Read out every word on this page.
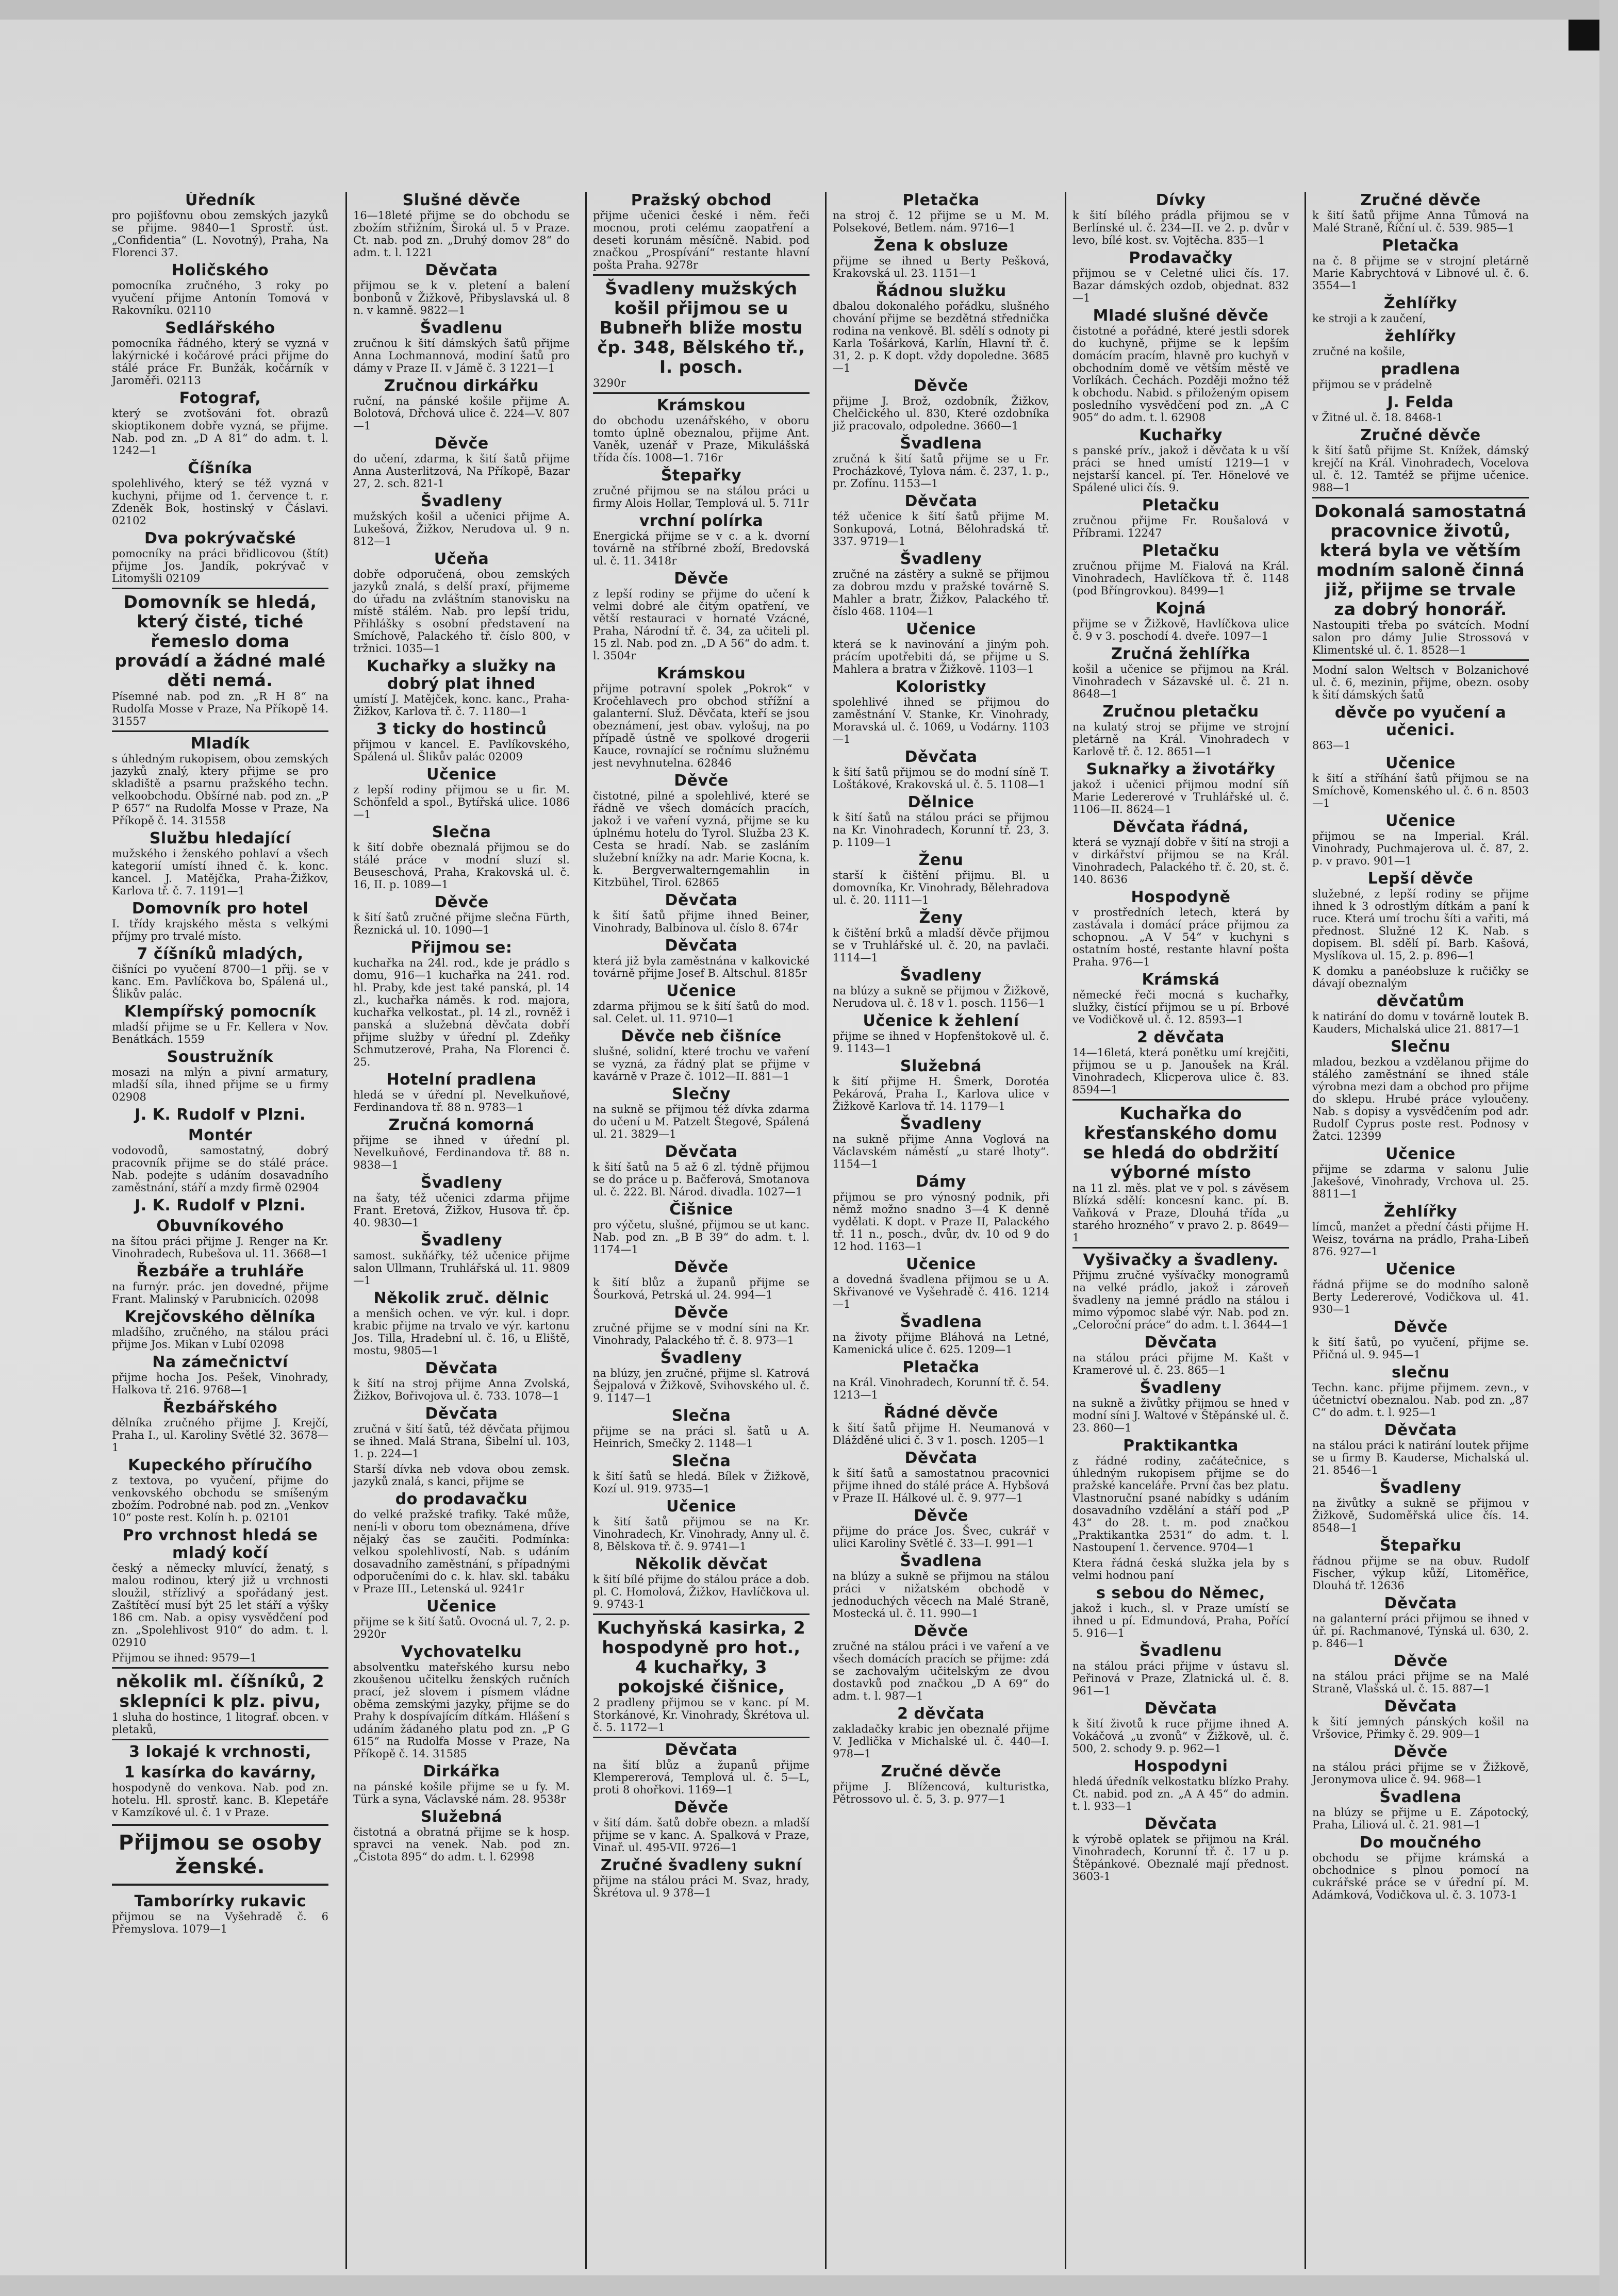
Úředník
pro pojišťovnu obou zemských jazyků se přijme. 9840—1 Sprostř. úst. „Confidentia“ (L. Novotný), Praha, Na Florenci 37.
Holičského
pomocníka zručného, 3 roky po vyučení přijme Antonín Tomová v Rakovníku. 02110
Sedlářského
pomocníka řádného, který se vyzná v lakýrnické i kočárové práci přijme do stálé práce Fr. Bunžák, kočárník v Jaroměři. 02113
Fotograf,
který se zvotšováni fot. obrazů skioptikonem dobře vyzná, se přijme. Nab. pod zn. „D A 81“ do adm. t. l. 1242—1
Číšníka
spolehlivého, který se též vyzná v kuchyni, přijme od 1. července t. r. Zdeněk Bok, hostinský v Čáslavi. 02102
Dva pokrývačské
pomocníky na práci břidlicovou (štít) přijme Jos. Jandík, pokrývač v Litomyšli 02109
Domovník se hledá, který čisté, tiché řemeslo doma provádí a žádné malé děti nemá.
Písemné nab. pod zn. „R H 8“ na Rudolfa Mosse v Praze, Na Příkopě 14. 31557
Mladík
s úhledným rukopisem, obou zemských jazyků znalý, ktery přijme se pro skladiště a psarnu pražského techn. velkoobchodu. Obšírné nab. pod zn. „P P 657“ na Rudolfa Mosse v Praze, Na Příkopě č. 14. 31558
Službu hledající
mužského i ženského pohlaví a všech kategorií umístí ihned č. k. konc. kancel. J. Matějčka, Praha-Žižkov, Karlova tř. č. 7. 1191—1
Domovník pro hotel
I. třídy krajského města s velkými příjmy pro trvalé místo.
7 číšníků mladých,
čišníci po vyučení 8700—1 přij. se v kanc. Em. Pavlíčkova bo, Spálená ul., Šlikův palác.
Klempířský pomocník
mladší přijme se u Fr. Kellera v Nov. Benátkách. 1559
Soustružník
mosazi na mlýn a pivní armatury, mladší síla, ihned přijme se u firmy 02908
J. K. Rudolf v Plzni.
Montér
vodovodů, samostatný, dobrý pracovník přijme se do stálé práce. Nab. podejte s udáním dosavadního zaměstnání, stáří a mzdy firmě 02904
J. K. Rudolf v Plzni.
Obuvníkového
na šítou práci přijme J. Renger na Kr. Vinohradech, Rubešova ul. 11. 3668—1
Řezbáře a truhláře
na furnýr. prác. jen dovedné, přijme Frant. Malinský v Parubnicích. 02098
Krejčovského dělníka
mladšího, zručného, na stálou práci přijme Jos. Mikan v Lubí 02098
Na zámečnictví
přijme hocha Jos. Pešek, Vinohrady, Halkova tř. 216. 9768—1
Řezbářského
dělníka zručného přijme J. Krejčí, Praha I., ul. Karoliny Světlé 32. 3678—1
Kupeckého příručího
z textova, po vyučení, přijme do venkovského obchodu se smíšeným zbožím. Podrobné nab. pod zn. „Venkov 10“ poste rest. Kolín h. p. 02101
Pro vrchnost hledá se mladý kočí
český a německy mluvící, ženatý, s malou rodinou, který již u vrchnosti sloužil, střízlivý a spořádaný jest. Zaštítěcí musí být 25 let stáří a výšky 186 cm. Nab. a opisy vysvědčení pod zn. „Spolehlivost 910“ do adm. t. l. 02910
Přijmou se ihned: 9579—1
několik ml. číšníků, 2 sklepníci k plz. pivu,
1 sluha do hostince, 1 litograf. obcen. v pletaků,
3 lokajé k vrchnosti,
1 kasírka do kavárny,
hospodyně do venkova. Nab. pod zn. hotelu. Hl. sprostř. kanc. B. Klepetáře v Kamzíkové ul. č. 1 v Praze.
Přijmou se osoby ženské.
Tamborírky rukavic
přijmou se na Vyšehradě č. 6 Přemyslova. 1079—1
Slušné děvče
16—18leté přijme se do obchodu se zbožím střižním, Široká ul. 5 v Praze. Ct. nab. pod zn. „Druhý domov 28“ do adm. t. l. 1221
Děvčata
přijmou se k v. pletení a balení bonbonů v Žižkově, Přibyslavská ul. 8 n. v kamně. 9822—1
Švadlenu
zručnou k šití dámských šatů přijme Anna Lochmannová, modiní šatů pro dámy v Praze II. v Jámě č. 3 1221—1
Zručnou dirkářku
ruční, na pánské košile přijme A. Bolotová, Dřchová ulice č. 224—V. 807—1
Děvče
do učení, zdarma, k šití šatů přijme Anna Austerlitzová, Na Příkopě, Bazar 27, 2. sch. 821-1
Švadleny
mužských košil a učenici přijme A. Lukešová, Žižkov, Nerudova ul. 9 n. 812—1
Učeňa
dobře odporučená, obou zemských jazyků znalá, s delší praxí, přijmeme do úřadu na zvláštním stanovisku na místě stálém. Nab. pro lepší tridu, Přihlášky s osobní představení na Smíchově, Palackého tř. číslo 800, v tržnici. 1035—1
Kuchařky a služky na dobrý plat ihned
umístí J. Matějček, konc. kanc., Praha-Žižkov, Karlova tř. č. 7. 1180—1
3 ticky do hostinců
přijmou v kancel. E. Pavlíkovského, Spálená ul. Šlikův palác 02009
Učenice
z lepší rodiny přijmou se u fir. M. Schönfeld a spol., Bytířská ulice. 1086—1
Slečna
k šití dobře obeznalá přijmou se do stálé práce v modní sluzí sl. Beuseschová, Praha, Krakovská ul. č. 16, II. p. 1089—1
Děvče
k šití šatů zručné přijme slečna Fürth, Řeznická ul. 10. 1090—1
Přijmou se:
kuchařka na 24l. rod., kde je prádlo s domu, 916—1 kuchařka na 241. rod. hl. Praby, kde jest také panská, pl. 14 zl., kuchařka náměs. k rod. majora, kuchařka velkostat., pl. 14 zl., rovněž i panská a služebná děvčata dobří přijme služby v úřední pl. Zdeňky Schmutzerové, Praha, Na Florenci č. 25.
Hotelní pradlena
hledá se v úřední pl. Nevelkuňové, Ferdinandova tř. 88 n. 9783—1
Zručná komorná
přijme se ihned v úřední pl. Nevelkuňové, Ferdinandova tř. 88 n. 9838—1
Švadleny
na šaty, též učenici zdarma přijme Frant. Eretová, Žižkov, Husova tř. čp. 40. 9830—1
Švadleny
samost. sukňářky, též učenice přijme salon Ullmann, Truhlářská ul. 11. 9809—1
Několik zruč. dělnic
a menšich ochen. ve výr. kul. i dopr. krabic přijme na trvalo ve výr. kartonu Jos. Tilla, Hradební ul. č. 16, u Eliště, mostu, 9805—1
Děvčata
k šití na stroj přijme Anna Zvolská, Žižkov, Bořivojova ul. č. 733. 1078—1
Děvčata
zručná v šití šatů, též děvčata přijmou se ihned. Malá Strana, Šibelní ul. 103, 1. p. 224—1
Starší dívka neb vdova obou zemsk. jazyků znalá, s kanci, přijme se
do prodavačku
do velké pražské trafiky. Také může, není-li v oboru tom obeznámena, dříve nějaký čas se zaučiti. Podmínka: velkou spolehlivostí, Nab. s udáním dosavadního zaměstnání, s případnými odporučeními do c. k. hlav. skl. tabáku v Praze III., Letenská ul. 9241r
Učenice
přijme se k šití šatů. Ovocná ul. 7, 2. p. 2920r
Vychovatelku
absolventku mateřského kursu nebo zkoušenou učitelku ženských ručních prací, jež slovem i písmem vládne oběma zemskými jazyky, přijme se do Prahy k dospívajícím dítkám. Hlášení s udáním žádaného platu pod zn. „P G 615“ na Rudolfa Mosse v Praze, Na Příkopě č. 14. 31585
Dirkářka
na pánské košile přijme se u fy. M. Türk a syna, Václavské nám. 28. 9538r
Služebná
čistotná a obratná přijme se k hosp. spravci na venek. Nab. pod zn. „Čistota 895“ do adm. t. l. 62998
Pražský obchod
přijme učenici české i něm. řeči mocnou, proti celému zaopatření a deseti korunám měsíčně. Nabid. pod značkou „Prospívání“ restante hlavní pošta Praha. 9278r
Švadleny mužských košil přijmou se u Bubneřh bliže mostu čp. 348, Bělského tř., I. posch.
3290r
Krámskou
do obchodu uzenářského, v oboru tomto úplně obeznalou, přijme Ant. Vaněk, uzenář v Praze, Mikulášská třída čís. 1008—1. 716r
Štepařky
zručné přijmou se na stálou práci u firmy Alois Hollar, Templová ul. 5. 711r
vrchní polírka
Energická přijme se v c. a k. dvorní továrně na stříbrné zboží, Bredovská ul. č. 11. 3418r
Děvče
z lepší rodiny se přijme do učení k velmi dobré ale čitým opatření, ve větší restauraci v hornaté Vzácné, Praha, Národní tř. č. 34, za učiteli pl. 15 zl. Nab. pod zn. „D A 56“ do adm. t. l. 3504r
Krámskou
přijme potravní spolek „Pokrok“ v Kročehlavech pro obchod střížní a galanterní. Služ. Děvčata, kteří se jsou obeznámení, jest obav. vylošuj, na po případě ústně ve spolkové drogerii Kauce, rovnající se ročnímu služnému jest nevyhnutelna. 62846
Děvče
čistotné, pilné a spolehlivé, které se řádně ve všech domácích pracích, jakož i ve vaření vyzná, přijme se ku úplnému hotelu do Tyrol. Služba 23 K. Cesta se hradí. Nab. se zasláním služební knížky na adr. Marie Kocna, k. k. Bergverwalterngemahlin in Kitzbühel, Tirol. 62865
Děvčata
k šití šatů přijme ihned Beiner, Vinohrady, Balbínova ul. číslo 8. 674r
Děvčata
která již byla zaměstnána v kalkovické továrně přijme Josef B. Altschul. 8185r
Učenice
zdarma přijmou se k šití šatů do mod. sal. Celet. ul. 11. 9710—1
Děvče neb čišníce
slušné, solidní, které trochu ve vaření se vyzná, za řádný plat se přijme v kavárně v Praze č. 1012—II. 881—1
Slečny
na sukně se přijmou též dívka zdarma do učení u M. Patzelt Štegové, Spálená ul. 21. 3829—1
Děvčata
k šití šatů na 5 až 6 zl. týdně přijmou se do práce u p. Bačferová, Smotanova ul. č. 222. Bl. Národ. divadla. 1027—1
Čišnice
pro výčetu, slušné, přijmou se ut kanc. Nab. pod zn. „B B 39“ do adm. t. l. 1174—1
Děvče
k šití blůz a županů přijme se Šourková, Petrská ul. 24. 994—1
Děvče
zručné přijme se v modní síni na Kr. Vinohrady, Palackého tř. č. 8. 973—1
Švadleny
na blúzy, jen zručné, přijme sl. Katrová Šejpalová v Žižkově, Svihovského ul. č. 9. 1147—1
Slečna
přijme se na práci sl. šatů u A. Heinrich, Smečky 2. 1148—1
Slečna
k šití šatů se hledá. Bílek v Žižkově, Kozí ul. 919. 9735—1
Učenice
k šití šatů přijmou se na Kr. Vinohradech, Kr. Vinohrady, Anny ul. č. 8, Bělskova tř. č. 9. 9741—1
Několik děvčat
k šití bílé přijme do stálou práce a dob. pl. C. Homolová, Žižkov, Havlíčkova ul. 9. 9743-1
Kuchyňská kasirka, 2 hospodyně pro hot., 4 kuchařky, 3 pokojské čišnice,
2 pradleny přijmou se v kanc. pí M. Storkánové, Kr. Vinohrady, Škrétova ul. č. 5. 1172—1
Děvčata
na šití blůz a županů přijme Klempererová, Templová ul. č. 5—L, proti 8 ohořkovi. 1169—1
Děvče
v šití dám. šatů dobře obezn. a mladší přijme se v kanc. A. Spalková v Praze, Vinař. ul. 495-VII. 9726—1
Zručné švadleny sukní
přijme na stálou práci M. Svaz, hrady, Škrétova ul. 9 378—1
Pletačka
na stroj č. 12 přijme se u M. M. Polsekové, Betlem. nám. 9716—1
Žena k obsluze
přijme se ihned u Berty Pešková, Krakovská ul. 23. 1151—1
Řádnou služku
dbalou dokonalého pořádku, slušného chování přijme se bezdětná střednička rodina na venkově. Bl. sdělí s odnoty pi Karla Tošárková, Karlín, Hlavní tř. č. 31, 2. p. K dopt. vždy dopoledne. 3685—1
Děvče
přijme J. Brož, ozdobník, Žižkov, Chelčického ul. 830, Které ozdobníka již pracovalo, odpoledne. 3660—1
Švadlena
zručná k šití šatů přijme se u Fr. Procházkové, Tylova nám. č. 237, 1. p., pr. Zofínu. 1153—1
Děvčata
též učenice k šití šatů přijme M. Sonkupová, Lotná, Bělohradská tř. 337. 9719—1
Švadleny
zručné na zástěry a sukně se přijmou za dobrou mzdu v pražské továrně S. Mahler a bratr, Žižkov, Palackého tř. číslo 468. 1104—1
Učenice
která se k navinování a jiným poh. prácím upotřebiti dá, se přijme u S. Mahlera a bratra v Žižkově. 1103—1
Koloristky
spolehlivé ihned se přijmou do zaměstnání V. Stanke, Kr. Vinohrady, Moravská ul. č. 1069, u Vodárny. 1103—1
Děvčata
k šití šatů přijmou se do modní síně T. Loštákové, Krakovská ul. č. 5. 1108—1
Dělnice
k šití šatů na stálou práci se přijmou na Kr. Vinohradech, Korunní tř. 23, 3. p. 1109—1
Ženu
starší k čištění přijmu. Bl. u domovníka, Kr. Vinohrady, Bělehradova ul. č. 20. 1111—1
Ženy
k čištění brků a mladší děvče přijmou se v Truhlářské ul. č. 20, na pavlači. 1114—1
Švadleny
na blúzy a sukně se přijmou v Žižkově, Nerudova ul. č. 18 v 1. posch. 1156—1
Učenice k žehlení
přijme se ihned v Hopfenštokově ul. č. 9. 1143—1
Služebná
k šití přijme H. Šmerk, Dorotéa Pekárová, Praha I., Karlova ulice v Žižkově Karlova tř. 14. 1179—1
Švadleny
na sukně přijme Anna Voglová na Václavském náměstí „u staré lhoty“. 1154—1
Dámy
přijmou se pro výnosný podnik, při němž možno snadno 3—4 K denně vydělati. K dopt. v Praze II, Palackého tř. 11 n., posch., dvůr, dv. 10 od 9 do 12 hod. 1163—1
Učenice
a dovedná švadlena přijmou se u A. Skřivanové ve Vyšehradě č. 416. 1214—1
Švadlena
na životy přijme Bláhová na Letné, Kamenická ulice č. 625. 1209—1
Pletačka
na Král. Vinohradech, Korunní tř. č. 54. 1213—1
Řádné děvče
k šití šatů přijme H. Neumanová v Dlážděné ulici č. 3 v 1. posch. 1205—1
Děvčata
k šití šatů a samostatnou pracovnici přijme ihned do stálé práce A. Hybšová v Praze II. Hálkové ul. č. 9. 977—1
Děvče
přijme do práce Jos. Švec, cukrář v ulici Karoliny Světlé č. 33—I. 991—1
Švadlena
na blúzy a sukně se přijmou na stálou práci v nižatském obchodě v jednoduchých věcech na Malé Straně, Mostecká ul. č. 11. 990—1
Děvče
zručné na stálou práci i ve vaření a ve všech domácích pracích se přijme: zdá se zachovalým učitelským ze dvou dostavků pod značkou „D A 69“ do adm. t. l. 987—1
2 děvčata
zakladačky krabic jen obeznalé přijme V. Jedlička v Michalské ul. č. 440—I. 978—1
Zručné děvče
přijme J. Blížencová, kulturistka, Pětrossovo ul. č. 5, 3. p. 977—1
Dívky
k šití bílého prádla přijmou se v Berlínské ul. č. 234—II. ve 2. p. dvůr v levo, bílé kost. sv. Vojtěcha. 835—1
Prodavačky
přijmou se v Celetné ulici čís. 17. Bazar dámských ozdob, objednat. 832—1
Mladé slušné děvče
čistotné a pořádné, které jestli sdorek do kuchyně, přijme se k lepším domácím pracím, hlavně pro kuchyň v obchodním domě ve větším městě ve Vorlíkách. Čechách. Později možno též k obchodu. Nabid. s přiloženým opisem posledního vysvědčení pod zn. „A C 905“ do adm. t. l. 62908
Kuchařky
s panské prív., jakož i děvčata k u vší práci se hned umístí 1219—1 v nejstarší kancel. pí. Ter. Hönelové ve Spálené ulici čís. 9.
Pletačku
zručnou přijme Fr. Roušalová v Příbrami. 12247
Pletačku
zručnou přijme M. Fialová na Král. Vinohradech, Havlíčkova tř. č. 1148 (pod Bříngrovkou). 8499—1
Kojná
přijme se v Žižkově, Havlíčkova ulice č. 9 v 3. poschodí 4. dveře. 1097—1
Zručná žehlířka
košil a učenice se přijmou na Král. Vinohradech v Sázavské ul. č. 21 n. 8648—1
Zručnou pletačku
na kulatý stroj se přijme ve strojní pletárně na Král. Vinohradech v Karlově tř. č. 12. 8651—1
Suknařky a životářky
jakož i učenici přijmou modní síň Marie Ledererové v Truhlářské ul. č. 1106—II. 8624—1
Děvčata řádná,
která se vyznají dobře v šití na stroji a v dirkářství přijmou se na Král. Vinohradech, Palackého tř. č. 20, st. č. 140. 8636
Hospodyně
v prostředních letech, která by zastávala i domácí práce přijmou za schopnou. „A V 54“ v kuchyni s ostatním hosté, restante hlavní pošta Praha. 976—1
Krámská
německé řeči mocná s kuchařky, služky, čistící přijmou se u pí. Brbové ve Vodičkově ul. č. 12. 8593—1
2 děvčata
14—16letá, která ponětku umí krejčiti, přijmou se u p. Janoušek na Král. Vinohradech, Klicperova ulice č. 83. 8594—1
Kuchařka do křesťanského domu se hledá do obdržití výborné místo
na 11 zl. měs. plat ve v pol. s závěsem Blízká sdělí: koncesní kanc. pí. B. Vaňková v Praze, Dlouhá třída „u starého hrozného“ v pravo 2. p. 8649—1
Vyšivačky a švadleny.
Přijmu zručné vyšívačky monogramů na velké prádlo, jakož i zároveň švadleny na jemné prádlo na stálou i mimo výpomoc slabé výr. Nab. pod zn. „Celoroční práce“ do adm. t. l. 3644—1
Děvčata
na stálou práci přijme M. Kašt v Kramerové ul. č. 23. 865—1
Švadleny
na sukně a živůtky přijmou se hned v modní síni J. Waltové v Štěpánské ul. č. 23. 860—1
Praktikantka
z řádné rodiny, začátečnice, s úhledným rukopisem přijme se do pražské kanceláře. První čas bez platu. Vlastnoruční psané nabídky s udáním dosavadního vzdělání a stáří pod „P 43“ do 28. t. m. pod značkou „Praktikantka 2531“ do adm. t. l. Nastoupení 1. července. 9704—1
Ktera řádná česká služka jela by s velmi hodnou paní
s sebou do Němec,
jakož i kuch., sl. v Praze umístí se ihned u pí. Edmundová, Praha, Pořící 5. 916—1
Švadlenu
na stálou práci přijme v ústavu sl. Peřinová v Praze, Zlatnická ul. č. 8. 961—1
Děvčata
k šití životů k ruce přijme ihned A. Vokáčová „u zvonů“ v Žižkově, ul. č. 500, 2. schody 9. p. 962—1
Hospodyni
hledá úředník velkostatku blízko Prahy. Ct. nabid. pod zn. „A A 45“ do admin. t. l. 933—1
Děvčata
k výrobě oplatek se přijmou na Král. Vinohradech, Korunní tř. č. 17 u p. Štěpánkové. Obeznalé mají přednost. 3603-1
Zručné děvče
k šití šatů přijme Anna Tůmová na Malé Straně, Říční ul. č. 539. 985—1
Pletačka
na č. 8 přijme se v strojní pletárně Marie Kabrychtová v Libnové ul. č. 6. 3554—1
Žehlířky
ke stroji a k zaučení,
žehlířky
zručné na košile,
pradlena
přijmou se v prádelně
J. Felda
v Žitné ul. č. 18. 8468-1
Zručné děvče
k šití šatů přijme St. Knížek, dámský krejčí na Král. Vinohradech, Vocelova ul. č. 12. Tamtéž se přijme učenice. 988—1
Dokonalá samostatná pracovnice životů, která byla ve větším modním saloně činná již, přijme se trvale za dobrý honorář.
Nastoupiti třeba po svátcích. Modní salon pro dámy Julie Strossová v Klimentské ul. č. 1. 8528—1
Modní salon Weltsch v Bolzanichové ul. č. 6, mezinin, přijme, obezn. osoby k šití dámských šatů
děvče po vyučení a učenici.
863—1
Učenice
k šití a stříhání šatů přijmou se na Smíchově, Komenského ul. č. 6 n. 8503—1
Učenice
přijmou se na Imperial. Král. Vinohrady, Puchmajerova ul. č. 87, 2. p. v pravo. 901—1
Lepší děvče
služebné, z lepší rodiny se přijme ihned k 3 odrostlým dítkám a paní k ruce. Která umí trochu šíti a vařiti, má přednost. Služné 12 K. Nab. s dopisem. Bl. sdělí pí. Barb. Kašová, Myslíkova ul. 15, 2. p. 896—1
K domku a panéobsluze k ručičky se dávají obeznalým
děvčatům
k natirání do domu v továrně loutek B. Kauders, Michalská ulice 21. 8817—1
Slečnu
mladou, bezkou a vzdělanou přijme do stálého zaměstnání se ihned stále výrobna mezi dam a obchod pro přijme do sklepu. Hrubé práce vyloučeny. Nab. s dopisy a vysvědčením pod adr. Rudolf Cyprus poste rest. Podnosy v Žatci. 12399
Učenice
přijme se zdarma v salonu Julie Jakešové, Vinohrady, Vrchova ul. 25. 8811—1
Žehlířky
límců, manžet a přední části přijme H. Weisz, továrna na prádlo, Praha-Libeň 876. 927—1
Učenice
řádná přijme se do modního saloně Berty Ledererové, Vodičkova ul. 41. 930—1
Děvče
k šití šatů, po vyučení, přijme se. Přičná ul. 9. 945—1
slečnu
Techn. kanc. přijme přijmem. zevn., v účetnictví obeznalou. Nab. pod zn. „87 C“ do adm. t. l. 925—1
Děvčata
na stálou práci k natirání loutek přijme se u firmy B. Kauderse, Michalská ul. 21. 8546—1
Švadleny
na živůtky a sukně se přijmou v Žižkově, Sudoměřská ulice čís. 14. 8548—1
Štepařku
řádnou přijme se na obuv. Rudolf Fischer, výkup kůží, Litoměřice, Dlouhá tř. 12636
Děvčata
na galanterní práci přijmou se ihned v úř. pí. Rachmanové, Týnská ul. 630, 2. p. 846—1
Děvče
na stálou práci přijme se na Malé Straně, Vlašská ul. č. 15. 887—1
Děvčata
k šití jemných pánských košil na Vršovice, Přimky č. 29. 909—1
Děvče
na stálou práci přijme se v Žižkově, Jeronymova ulice č. 94. 968—1
Švadlena
na blúzy se přijme u E. Zápotocký, Praha, Liliová ul. č. 21. 981—1
Do moučného
obchodu se přijme krámská a obchodnice s plnou pomocí na cukrářské práce se v úřední pí. M. Adámková, Vodičkova ul. č. 3. 1073-1
